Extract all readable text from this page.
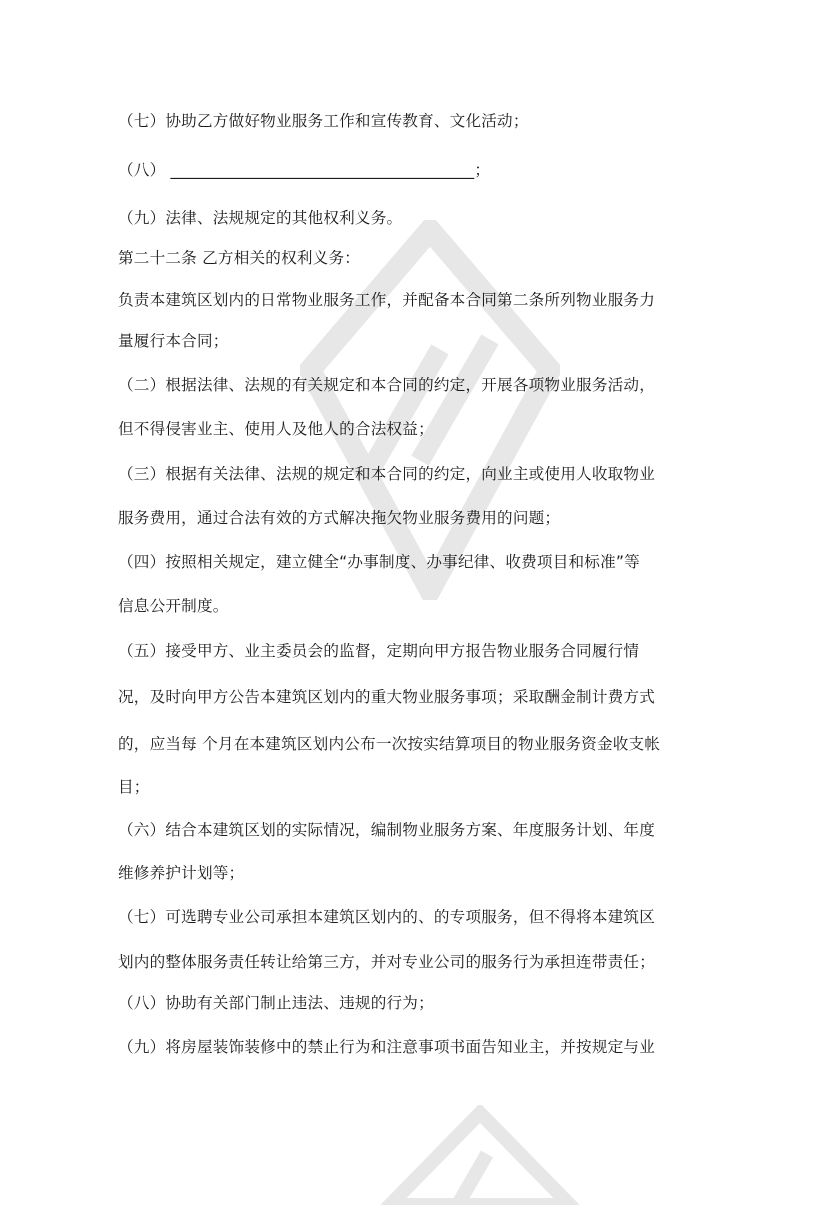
（七）协助乙方做好物业服务工作和宣传教育、文化活动；
（八） ______________________________________；
（九）法律、法规规定的其他权利义务。
第二十二条 乙方相关的权利义务：
负责本建筑区划内的日常物业服务工作，并配备本合同第二条所列物业服务力
量履行本合同；
（二）根据法律、法规的有关规定和本合同的约定，开展各项物业服务活动，
但不得侵害业主、使用人及他人的合法权益；
（三）根据有关法律、法规的规定和本合同的约定，向业主或使用人收取物业
服务费用，通过合法有效的方式解决拖欠物业服务费用的问题；
（四）按照相关规定，建立健全“办事制度、办事纪律、收费项目和标准”等
信息公开制度。
（五）接受甲方、业主委员会的监督，定期向甲方报告物业服务合同履行情
况，及时向甲方公告本建筑区划内的重大物业服务事项；采取酬金制计费方式
的，应当每 个月在本建筑区划内公布一次按实结算项目的物业服务资金收支帐
目；
（六）结合本建筑区划的实际情况，编制物业服务方案、年度服务计划、年度
维修养护计划等；
（七）可选聘专业公司承担本建筑区划内的、的专项服务，但不得将本建筑区
划内的整体服务责任转让给第三方，并对专业公司的服务行为承担连带责任；
（八）协助有关部门制止违法、违规的行为；
（九）将房屋装饰装修中的禁止行为和注意事项书面告知业主，并按规定与业
